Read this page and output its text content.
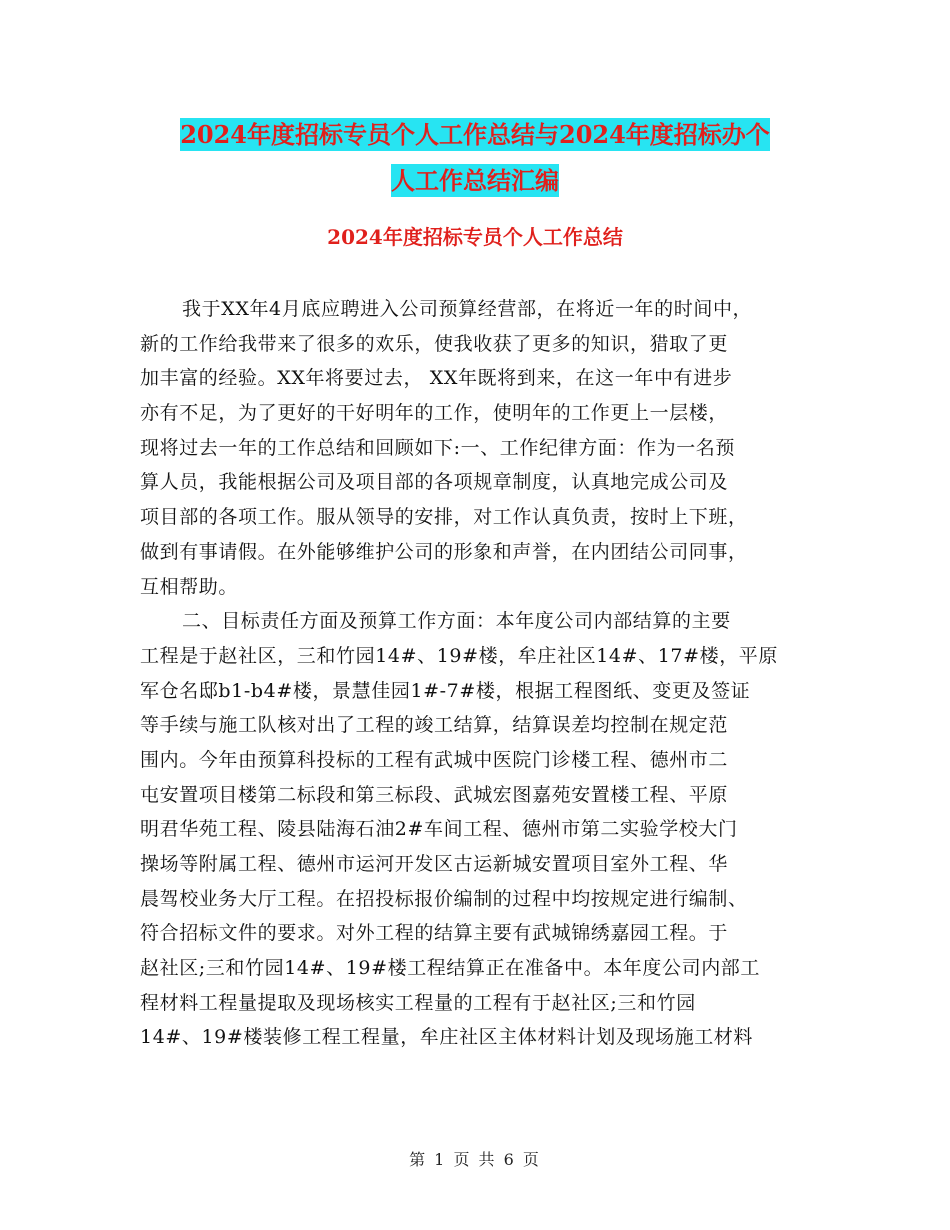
2024年度招标专员个人工作总结与2024年度招标办个
人工作总结汇编
2024年度招标专员个人工作总结
我于XX年4月底应聘进入公司预算经营部，在将近一年的时间中，
新的工作给我带来了很多的欢乐，使我收获了更多的知识，猎取了更
加丰富的经验。XX年将要过去， XX年既将到来，在这一年中有进步
亦有不足，为了更好的干好明年的工作，使明年的工作更上一层楼，
现将过去一年的工作总结和回顾如下:一、工作纪律方面：作为一名预
算人员，我能根据公司及项目部的各项规章制度，认真地完成公司及
项目部的各项工作。服从领导的安排，对工作认真负责，按时上下班，
做到有事请假。在外能够维护公司的形象和声誉，在内团结公司同事，
互相帮助。
二、目标责任方面及预算工作方面：本年度公司内部结算的主要
工程是于赵社区，三和竹园14#、19#楼，牟庄社区14#、17#楼，平原
军仓名邸b1-b4#楼，景慧佳园1#-7#楼，根据工程图纸、变更及签证
等手续与施工队核对出了工程的竣工结算，结算误差均控制在规定范
围内。今年由预算科投标的工程有武城中医院门诊楼工程、德州市二
屯安置项目楼第二标段和第三标段、武城宏图嘉苑安置楼工程、平原
明君华苑工程、陵县陆海石油2#车间工程、德州市第二实验学校大门
操场等附属工程、德州市运河开发区古运新城安置项目室外工程、华
晨驾校业务大厅工程。在招投标报价编制的过程中均按规定进行编制、
符合招标文件的要求。对外工程的结算主要有武城锦绣嘉园工程。于
赵社区;三和竹园14#、19#楼工程结算正在准备中。本年度公司内部工
程材料工程量提取及现场核实工程量的工程有于赵社区;三和竹园
14#、19#楼装修工程工程量，牟庄社区主体材料计划及现场施工材料
第 1 页 共 6 页
